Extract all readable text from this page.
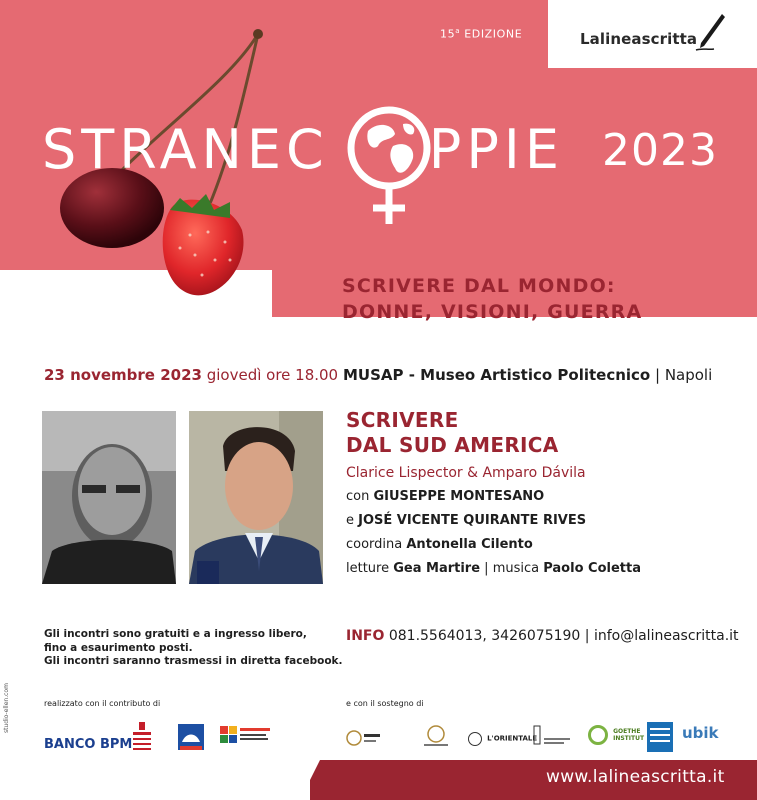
15$^a$ EDIZIONE	Lalineascritta
STRANEC PPIE 2023
SCRIVERE DAL MONDO:
DONNE, VISIONI, GUERRA
23 novembre 2023 giovedì ore 18.00 MUSAP - Museo Artistico Politecnico | Napoli
SCRIVERE
DAL SUD AMERICA
Clarice Lispector & Amparo Dávila
con GIUSEPPE MONTESANO
e JOSÉ VICENTE QUIRANTE RIVES
coordina Antonella Cilento
letture Gea Martire | musica Paolo Coletta
Gli incontri sono gratuiti e a ingresso libero,
fino a esaurimento posti.
Gli incontri saranno trasmessi in diretta facebook.
INFO 081.5564013, 3426075190 | info@lalineascritta.it
realizzato con il contributo di	e con il sostegno di
BANCO BPM	L'ORIENTALE
GOETHE
INSTITUT	ubik
studio-ellen.com
www.lalineascritta.it
